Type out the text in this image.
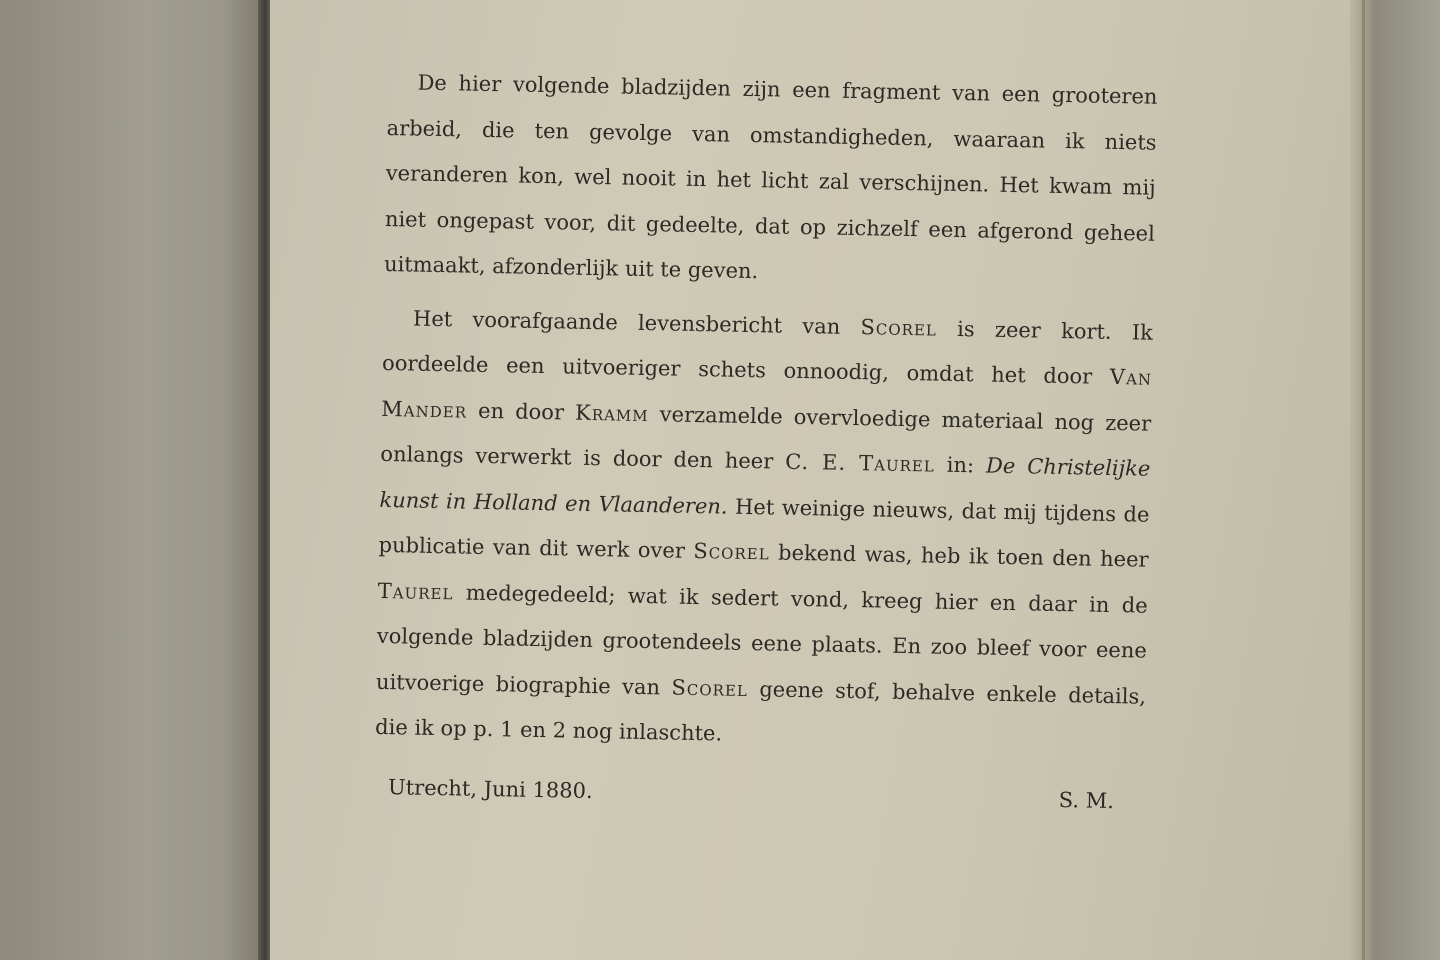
De hier volgende bladzijden zijn een fragment van een grooteren arbeid, die ten gevolge van omstandigheden, waaraan ik niets veranderen kon, wel nooit in het licht zal verschijnen. Het kwam mij niet ongepast voor, dit gedeelte, dat op zichzelf een afgerond geheel uitmaakt, afzonderlijk uit te geven.

Het voorafgaande levensbericht van Scorel is zeer kort. Ik oordeelde een uitvoeriger schets onnoodig, omdat het door Van Mander en door Kramm verzamelde overvloedige materiaal nog zeer onlangs verwerkt is door den heer C. E. Taurel in: De Christelijke kunst in Holland en Vlaanderen. Het weinige nieuws, dat mij tijdens de publicatie van dit werk over Scorel bekend was, heb ik toen den heer Taurel medegedeeld; wat ik sedert vond, kreeg hier en daar in de volgende bladzijden grootendeels eene plaats. En zoo bleef voor eene uitvoerige biographie van Scorel geene stof, behalve enkele details, die ik op p. 1 en 2 nog inlaschte.

Utrecht, Juni 1880.	S. M.
